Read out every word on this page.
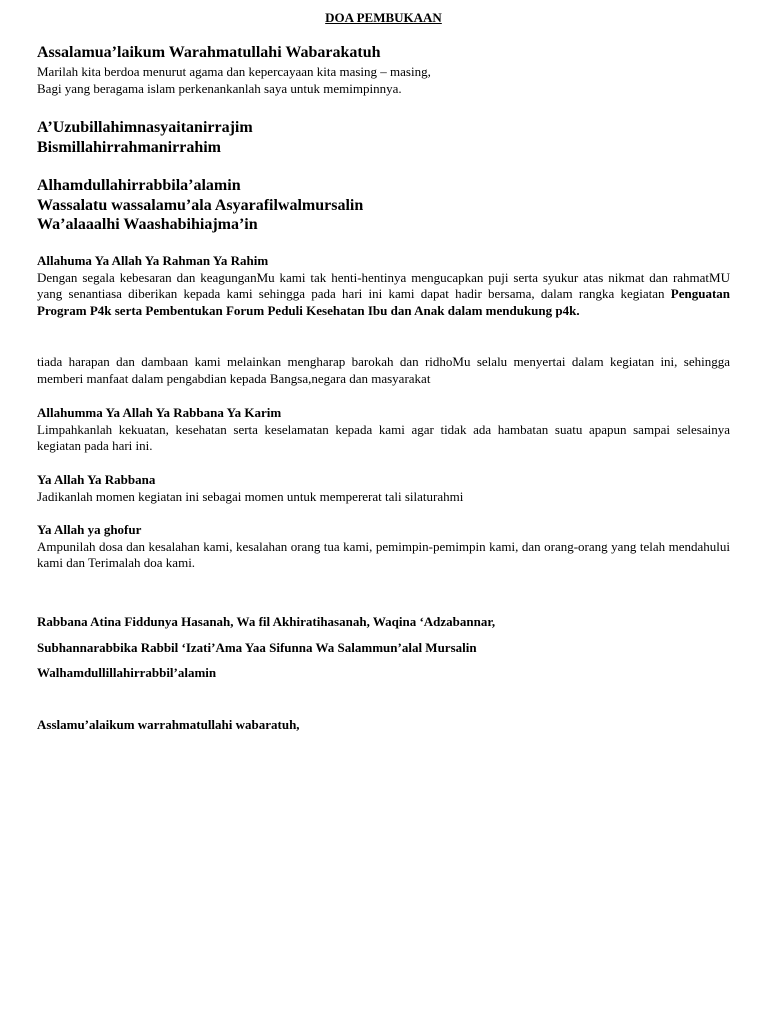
DOA PEMBUKAAN
Assalamua’laikum Warahmatullahi Wabarakatuh
Marilah kita berdoa menurut agama dan kepercayaan kita masing – masing,
Bagi yang beragama islam perkenankanlah saya untuk memimpinnya.
A’Uzubillahimnasyaitanirrajim
Bismillahirrahmanirrahim
Alhamdullahirrabbila’alamin
Wassalatu wassalamu’ala Asyarafilwalmursalin
Wa’alaaalhi Waashabihiajma’in
Allahuma Ya Allah Ya Rahman Ya Rahim
Dengan segala kebesaran dan keagunganMu kami tak henti-hentinya mengucapkan puji serta syukur atas nikmat dan rahmatMU yang senantiasa diberikan kepada kami sehingga pada hari ini kami dapat hadir bersama, dalam rangka kegiatan Penguatan Program P4k serta Pembentukan Forum Peduli Kesehatan Ibu dan Anak dalam mendukung p4k.
tiada harapan dan dambaan kami melainkan mengharap barokah dan ridhoMu selalu menyertai dalam kegiatan ini, sehingga memberi manfaat dalam pengabdian kepada Bangsa,negara dan masyarakat
Allahumma Ya Allah Ya Rabbana Ya Karim
Limpahkanlah kekuatan, kesehatan serta keselamatan kepada kami agar tidak ada hambatan suatu apapun sampai selesainya kegiatan pada hari ini.
Ya Allah Ya Rabbana
Jadikanlah momen kegiatan ini sebagai momen untuk mempererat tali silaturahmi
Ya Allah ya ghofur
Ampunilah dosa dan kesalahan kami, kesalahan orang tua kami, pemimpin-pemimpin kami, dan orang-orang yang telah mendahului kami dan Terimalah doa kami.
Rabbana Atina Fiddunya Hasanah, Wa fil Akhiratihasanah, Waqina ‘Adzabannar,
Subhannarabbika Rabbil ‘Izati’Ama Yaa Sifunna Wa Salammun’alal Mursalin
Walhamdullillahirrabbil’alamin
Asslamu’alaikum warrahmatullahi wabaratuh,
